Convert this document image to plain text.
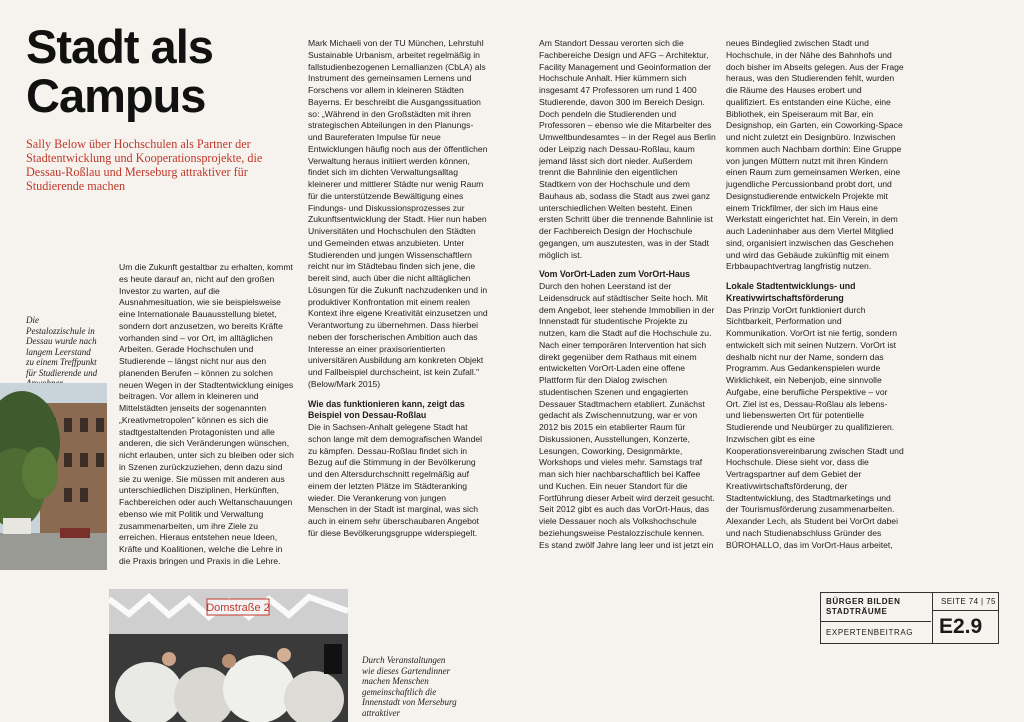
Stadt als Campus
Sally Below über Hochschulen als Partner der Stadtentwicklung und Kooperationsprojekte, die Dessau-Roßlau und Merseburg attraktiver für Studierende machen
Die Pestalozzischule in Dessau wurde nach langem Leerstand zu einem Treffpunkt für Studierende und
Domstraße 2
Durch Veranstaltungen wie dieses Gartendinner machen Menschen gemeinschaftlich die Innenstadt von Merseburg attraktiver

Um die Zukunft gestaltbar zu erhalten, kommt es heute darauf an, nicht auf den großen Investor zu warten, auf die Ausnahmesituation, wie sie beispielsweise eine Internationale Bauausstellung bietet, sondern dort anzusetzen, wo bereits Kräfte vorhanden sind – vor Ort, im alltäglichen Arbeiten. Gerade Hochschulen und Studierende – längst nicht nur aus den planenden Berufen – können zu solchen neuen Wegen in der Stadtentwicklung einiges beitragen. Vor allem in kleineren und Mittelstädten jenseits der sogenannten „Kreativmetropolen" können es sich die stadtgestaltenden Protagonisten und alle anderen, die sich Veränderungen wünschen, nicht erlauben, unter sich zu bleiben oder sich in Szenen zurückzuziehen, denn dazu sind sie zu wenige. Sie müssen mit anderen aus unterschiedlichen Disziplinen, Herkünften, Fachbereichen oder auch Weltanschauungen ebenso wie mit Politik und Verwaltung zusammenarbeiten, um ihre Ziele zu erreichen. Hieraus entstehen neue Ideen, Kräfte und Koalitionen, welche die Lehre in die Praxis bringen und Praxis in die Lehre.

Mark Michaeli von der TU München, Lehrstuhl Sustainable Urbanism, arbeitet regelmäßig in fallstudienbezogenen Lernallianzen (CbLA) als Instrument des gemeinsamen Lernens und Forschens vor allem in kleineren Städten Bayerns. Er beschreibt die Ausgangssituation so: „Während in den Großstädten mit ihren strategischen Abteilungen in den Planungs- und Baureferaten Impulse für neue Entwicklungen häufig noch aus der öffentlichen Verwaltung heraus initiiert werden können, findet sich im dichten Verwaltungsalltag kleinerer und mittlerer Städte nur wenig Raum für die unterstützende Bewältigung eines Findungs- und Diskussionsprozesses zur Zukunftsentwicklung der Stadt. Hier nun haben Universitäten und Hochschulen den Städten und Gemeinden etwas anzubieten. Unter Studierenden und jungen Wissenschaftlern reicht nur im Städtebau finden sich jene, die bereit sind, auch über die nicht alltäglichen Lösungen für die Zukunft nachzudenken und in produktiver Konfrontation mit einem realen Kontext ihre eigene Kreativität einzusetzen und Verantwortung zu übernehmen. Dass hierbei neben der forscherischen Ambition auch das Interesse an einer praxisorientierten universitären Ausbildung am konkreten Objekt und Fallbeispiel durchscheint, ist kein Zufall." (Below/Mark 2015)

Wie das funktionieren kann, zeigt das Beispiel von Dessau-Roßlau

Die in Sachsen-Anhalt gelegene Stadt hat schon lange mit dem demografischen Wandel zu kämpfen. Dessau-Roßlau findet sich in Bezug auf die Stimmung in der Bevölkerung und den Altersdurchschnitt regelmäßig auf einem der letzten Plätze im Städteranking wieder. Die Verankerung von jungen Menschen in der Stadt ist marginal, was sich auch in einem sehr überschaubaren Angebot für diese Bevölkerungsgruppe widerspiegelt.

Am Standort Dessau verorten sich die Fachbereiche Design und AFG – Architektur, Facility Management und Geoinformation der Hochschule Anhalt. Hier kümmern sich insgesamt 47 Professoren um rund 1 400 Studierende, davon 300 im Bereich Design. Doch pendeln die Studierenden und Professoren – ebenso wie die Mitarbeiter des Umweltbundesamtes – in der Regel aus Berlin oder Leipzig nach Dessau-Roßlau, kaum jemand lässt sich dort nieder. Außerdem trennt die Bahnlinie den eigentlichen Stadtkern von der Hochschule und dem Bauhaus ab, sodass die Stadt aus zwei ganz unterschiedlichen Welten besteht. Einen ersten Schritt über die trennende Bahnlinie ist der Fachbereich Design der Hochschule gegangen, um auszutesten, was in der Stadt möglich ist.

Vom VorOrt-Laden zum VorOrt-Haus

Durch den hohen Leerstand ist der Leidensdruck auf städtischer Seite hoch. Mit dem Angebot, leer stehende Immobilien in der Innenstadt für studentische Projekte zu nutzen, kam die Stadt auf die Hochschule zu. Nach einer temporären Intervention hat sich direkt gegenüber dem Rathaus mit einem entwickelten VorOrt-Laden eine offene Plattform für den Dialog zwischen studentischen Szenen und engagierten Dessauer Stadtmachern etabliert. Zunächst gedacht als Zwischennutzung, war er von 2012 bis 2015 ein etablierter Raum für Diskussionen, Ausstellungen, Konzerte, Lesungen, Coworking, Designmärkte, Workshops und vieles mehr. Samstags traf man sich hier nachbarschaftlich bei Kaffee und Kuchen. Ein neuer Standort für die Fortführung dieser Arbeit wird derzeit gesucht.

Seit 2012 gibt es auch das VorOrt-Haus, das viele Dessauer noch als Volkshochschule beziehungsweise Pestalozzischule kennen. Es stand zwölf Jahre lang leer und ist jetzt ein

neues Bindeglied zwischen Stadt und Hochschule, in der Nähe des Bahnhofs und doch bisher im Abseits gelegen. Aus der Frage heraus, was den Studierenden fehlt, wurden die Räume des Hauses erobert und qualifiziert. Es entstanden eine Küche, eine Bibliothek, ein Speiseraum mit Bar, ein Designshop, ein Garten, ein Coworking-Space und nicht zuletzt ein Designbüro. Inzwischen kommen auch Nachbarn dorthin: Eine Gruppe von jungen Müttern nutzt mit ihren Kindern einen Raum zum gemeinsamen Werken, eine jugendliche Percussionband probt dort, und Designstudierende entwickeln Projekte mit einem Trickfilmer, der sich im Haus eine Werkstatt eingerichtet hat. Ein Verein, in dem auch Ladeninhaber aus dem Viertel Mitglied sind, organisiert inzwischen das Geschehen und wird das Gebäude zukünftig mit einem Erbbaupachtvertrag langfristig nutzen.

Lokale Stadtentwicklungs- und Kreativwirtschaftsförderung

Das Prinzip VorOrt funktioniert durch Sichtbarkeit, Performation und Kommunikation. VorOrt ist nie fertig, sondern entwickelt sich mit seinen Nutzern. VorOrt ist deshalb nicht nur der Name, sondern das Programm. Aus Gedankenspielen wurde Wirklichkeit, ein Nebenjob, eine sinnvolle Aufgabe, eine berufliche Perspektive – vor Ort. Ziel ist es, Dessau-Roßlau als lebens- und liebenswerten Ort für potentielle Studierende und Neubürger zu qualifizieren. Inzwischen gibt es eine Kooperationsvereinbarung zwischen Stadt und Hochschule. Diese sieht vor, dass die Vertragspartner auf dem Gebiet der Kreativwirtschaftsförderung, der Stadtentwicklung, des Stadtmarketings und der Tourismusförderung zusammenarbeiten.

Alexander Lech, als Student bei VorOrt dabei und nach Studienabschluss Gründer des BÜROHALLO, das im VorOrt-Haus arbeitet,

BÜRGER BILDEN STADTRÄUME
EXPERTENBEITRAG
SEITE 74 | 75
E2.9
